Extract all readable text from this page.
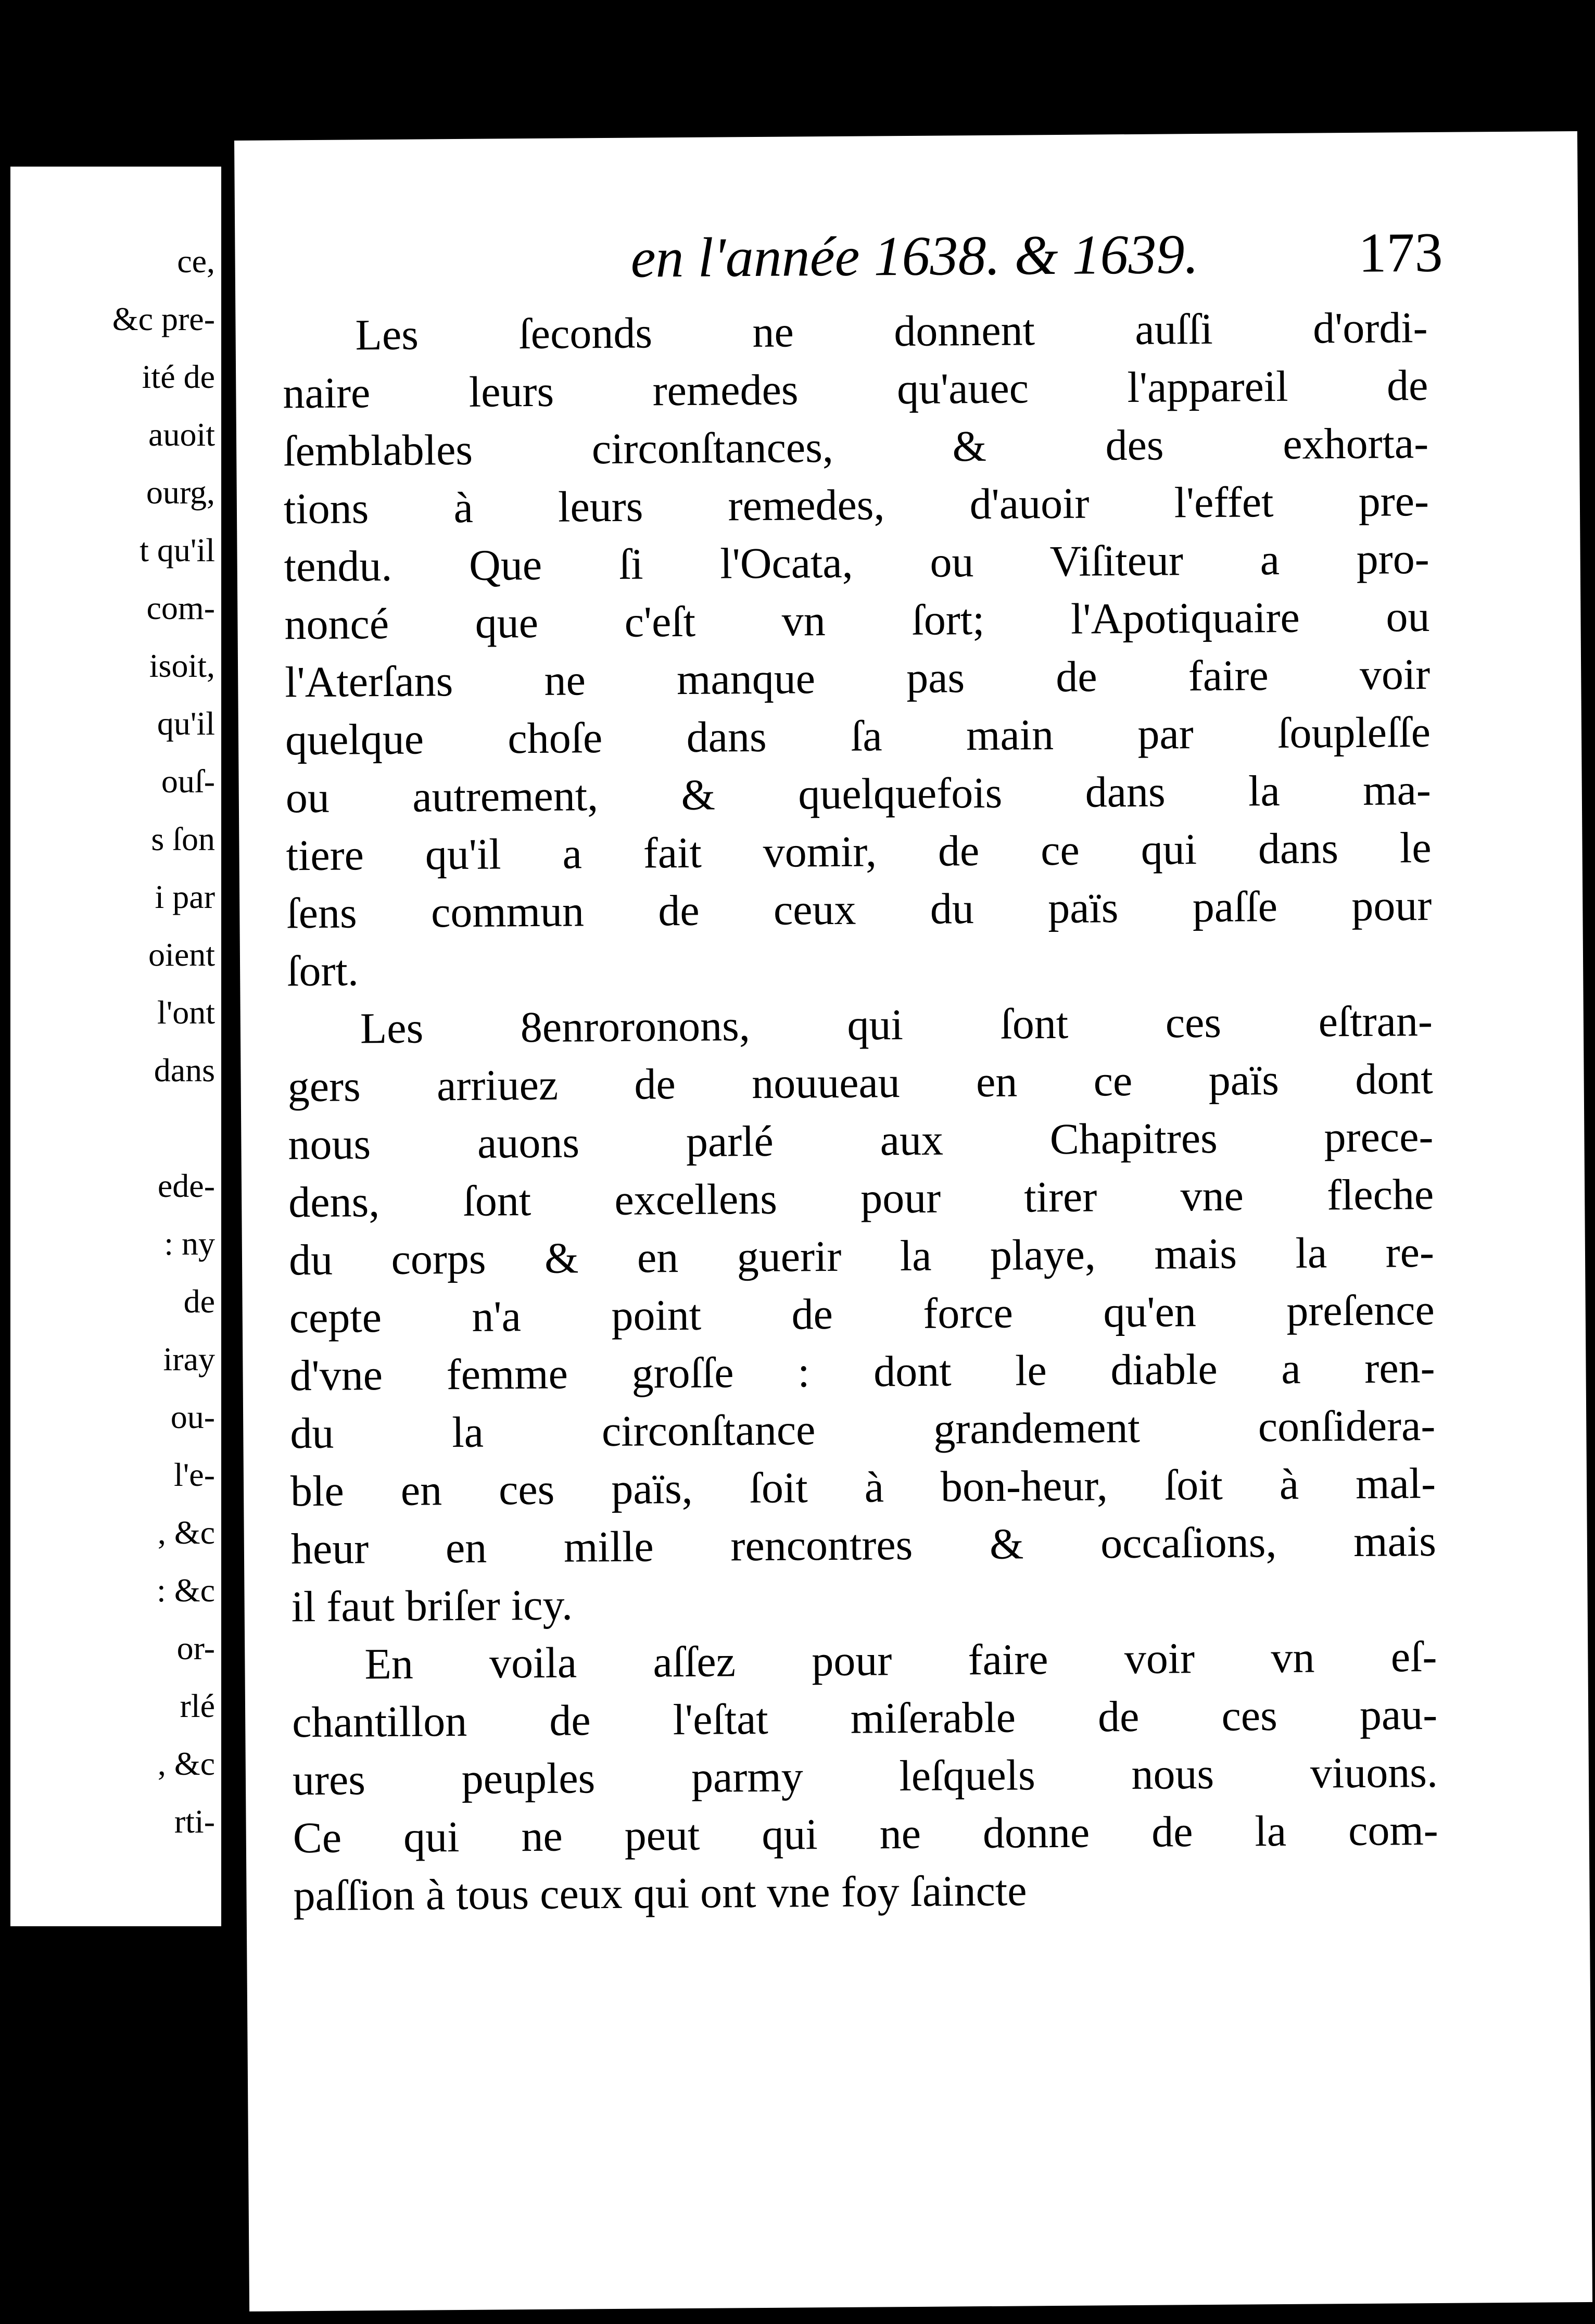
ce,
&c pre-
ité de
auoit
ourg,
t qu'il
com-
isoit,
qu'il
ouſ-
s ſon
i par
oient
l'ont
dans
ede-
: ny
de
iray
ou-
l'e-
, &c
: &c
or-
rlé
, &c
rti-
en l'année 1638. & 1639.	173
Les ſeconds ne donnent auſſi d'ordi-
naire leurs remedes qu'auec l'appareil de
ſemblables circonſtances, & des exhorta-
tions à leurs remedes, d'auoir l'effet pre-
tendu. Que ſi l'Ocata, ou Viſiteur a pro-
noncé que c'eſt vn ſort; l'Apotiquaire ou
l'Aterſans ne manque pas de faire voir
quelque choſe dans ſa main par ſoupleſſe
ou autrement, & quelquefois dans la ma-
tiere qu'il a fait vomir, de ce qui dans le
ſens commun de ceux du païs paſſe pour
ſort.
Les 8enroronons, qui ſont ces eſtran-
gers arriuez de nouueau en ce païs dont
nous auons parlé aux Chapitres prece-
dens, ſont excellens pour tirer vne fleche
du corps & en guerir la playe, mais la re-
cepte n'a point de force qu'en preſence
d'vne femme groſſe : dont le diable a ren-
du la circonſtance grandement conſidera-
ble en ces païs, ſoit à bon-heur, ſoit à mal-
heur en mille rencontres & occaſions, mais
il faut briſer icy.
En voila aſſez pour faire voir vn eſ-
chantillon de l'eſtat miſerable de ces pau-
ures peuples parmy leſquels nous viuons.
Ce qui ne peut qui ne donne de la com-
paſſion à tous ceux qui ont vne foy ſaincte
